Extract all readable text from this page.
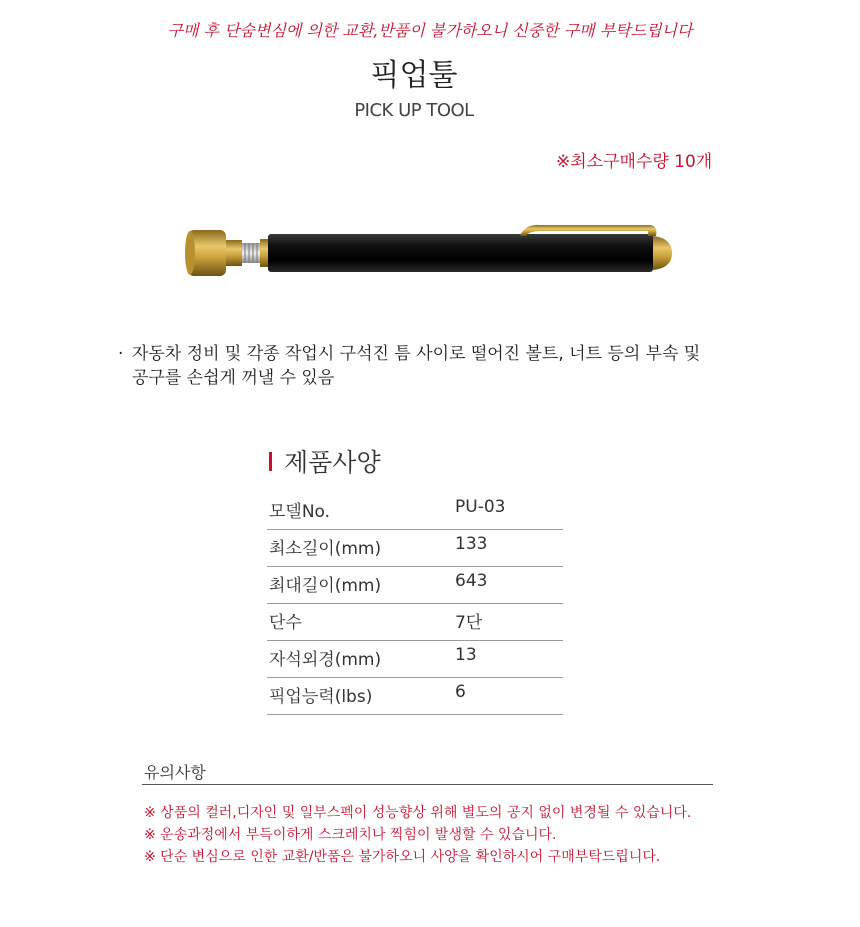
구매 후 단숨변심에 의한 교환,반품이 불가하오니 신중한 구매 부탁드립니다
픽업툴
PICK UP TOOL
※최소구매수량 10개
· 자동차 정비 및 각종 작업시 구석진 틈 사이로 떨어진 볼트, 너트 등의 부속 및
공구를 손쉽게 꺼낼 수 있음
제품사양
모델No.	PU-03
최소길이(mm)	133
최대길이(mm)	643
단수	7단
자석외경(mm)	13
픽업능력(lbs)	6
유의사항
※ 상품의 컬러,디자인 및 일부스펙이 성능향상 위해 별도의 공지 없이 변경될 수 있습니다.
※ 운송과정에서 부득이하게 스크레치나 찍힘이 발생할 수 있습니다.
※ 단순 변심으로 인한 교환/반품은 불가하오니 사양을 확인하시어 구매부탁드립니다.
